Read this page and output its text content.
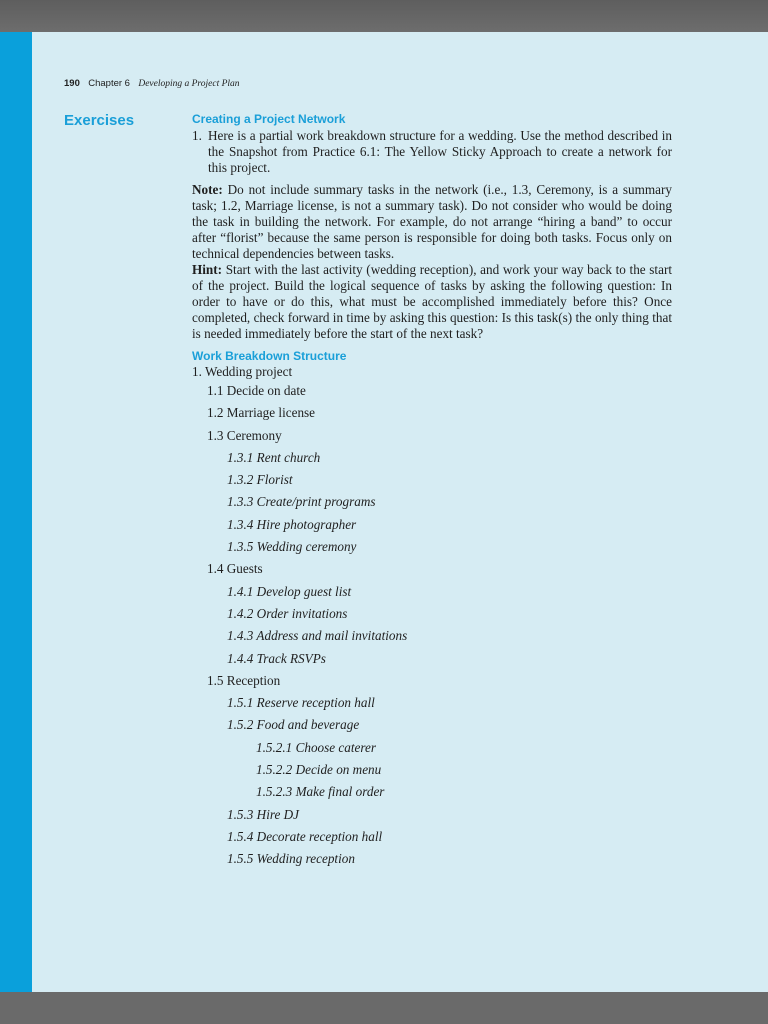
190 Chapter 6 Developing a Project Plan
Exercises	Creating a Project Network

1. Here is a partial work breakdown structure for a wedding. Use the method described in the Snapshot from Practice 6.1: The Yellow Sticky Approach to create a network for this project.

Note: Do not include summary tasks in the network (i.e., 1.3, Ceremony, is a summary task; 1.2, Marriage license, is not a summary task). Do not consider who would be doing the task in building the network. For example, do not arrange “hiring a band” to occur after “florist” because the same person is responsible for doing both tasks. Focus only on technical dependencies between tasks.

Hint: Start with the last activity (wedding reception), and work your way back to the start of the project. Build the logical sequence of tasks by asking the following question: In order to have or do this, what must be accomplished immediately before this? Once completed, check forward in time by asking this question: Is this task(s) the only thing that is needed immediately before the start of the next task?

Work Breakdown Structure
1. Wedding project
1.1 Decide on date
1.2 Marriage license
1.3 Ceremony
1.3.1 Rent church
1.3.2 Florist
1.3.3 Create/print programs
1.3.4 Hire photographer
1.3.5 Wedding ceremony
1.4 Guests
1.4.1 Develop guest list
1.4.2 Order invitations
1.4.3 Address and mail invitations
1.4.4 Track RSVPs
1.5 Reception
1.5.1 Reserve reception hall
1.5.2 Food and beverage
1.5.2.1 Choose caterer
1.5.2.2 Decide on menu
1.5.2.3 Make final order
1.5.3 Hire DJ
1.5.4 Decorate reception hall
1.5.5 Wedding reception
